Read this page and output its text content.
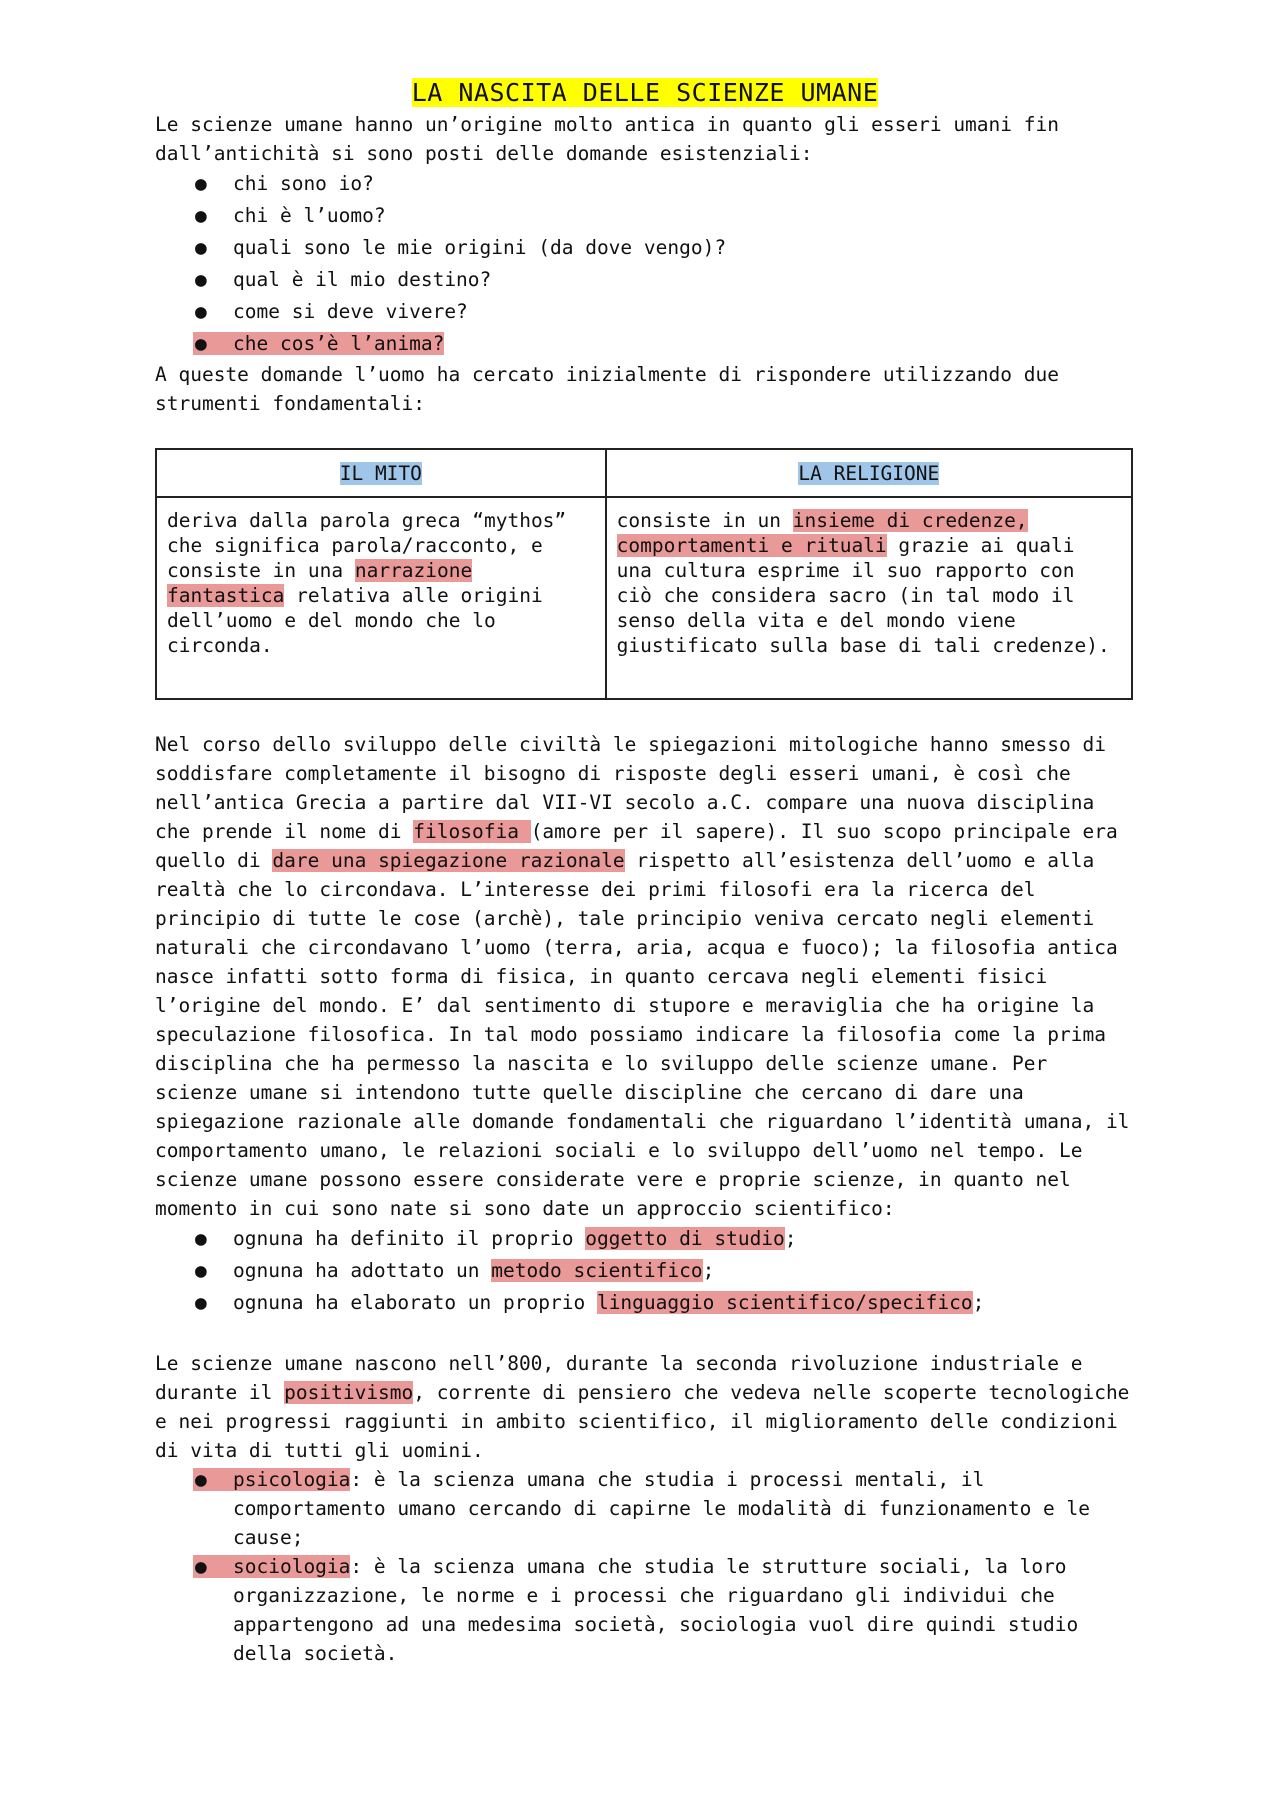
LA NASCITA DELLE SCIENZE UMANE

Le scienze umane hanno un’origine molto antica in quanto gli esseri umani fin dall’antichità si sono posti delle domande esistenziali:

● chi sono io?
● chi è l’uomo?
● quali sono le mie origini (da dove vengo)?
● qual è il mio destino?
● come si deve vivere?
● che cos’è l’anima?

A queste domande l’uomo ha cercato inizialmente di rispondere utilizzando due strumenti fondamentali:

IL MITO	LA RELIGIONE
deriva dalla parola greca “mythos” che significa parola/racconto, e consiste in una narrazione fantastica relativa alle origini dell’uomo e del mondo che lo circonda.	consiste in un insieme di credenze, comportamenti e rituali grazie ai quali una cultura esprime il suo rapporto con ciò che considera sacro (in tal modo il senso della vita e del mondo viene giustificato sulla base di tali credenze).

Nel corso dello sviluppo delle civiltà le spiegazioni mitologiche hanno smesso di soddisfare completamente il bisogno di risposte degli esseri umani, è così che nell’antica Grecia a partire dal VII-VI secolo a.C. compare una nuova disciplina che prende il nome di filosofia (amore per il sapere). Il suo scopo principale era quello di dare una spiegazione razionale rispetto all’esistenza dell’uomo e alla realtà che lo circondava. L’interesse dei primi filosofi era la ricerca del principio di tutte le cose (archè), tale principio veniva cercato negli elementi naturali che circondavano l’uomo (terra, aria, acqua e fuoco); la filosofia antica nasce infatti sotto forma di fisica, in quanto cercava negli elementi fisici l’origine del mondo. E’ dal sentimento di stupore e meraviglia che ha origine la speculazione filosofica. In tal modo possiamo indicare la filosofia come la prima disciplina che ha permesso la nascita e lo sviluppo delle scienze umane. Per scienze umane si intendono tutte quelle discipline che cercano di dare una spiegazione razionale alle domande fondamentali che riguardano l’identità umana, il comportamento umano, le relazioni sociali e lo sviluppo dell’uomo nel tempo. Le scienze umane possono essere considerate vere e proprie scienze, in quanto nel momento in cui sono nate si sono date un approccio scientifico:

● ognuna ha definito il proprio oggetto di studio;
● ognuna ha adottato un metodo scientifico;
● ognuna ha elaborato un proprio linguaggio scientifico/specifico;

Le scienze umane nascono nell’800, durante la seconda rivoluzione industriale e durante il positivismo, corrente di pensiero che vedeva nelle scoperte tecnologiche e nei progressi raggiunti in ambito scientifico, il miglioramento delle condizioni di vita di tutti gli uomini.

● psicologia: è la scienza umana che studia i processi mentali, il comportamento umano cercando di capirne le modalità di funzionamento e le cause;
● sociologia: è la scienza umana che studia le strutture sociali, la loro organizzazione, le norme e i processi che riguardano gli individui che appartengono ad una medesima società, sociologia vuol dire quindi studio della società.
